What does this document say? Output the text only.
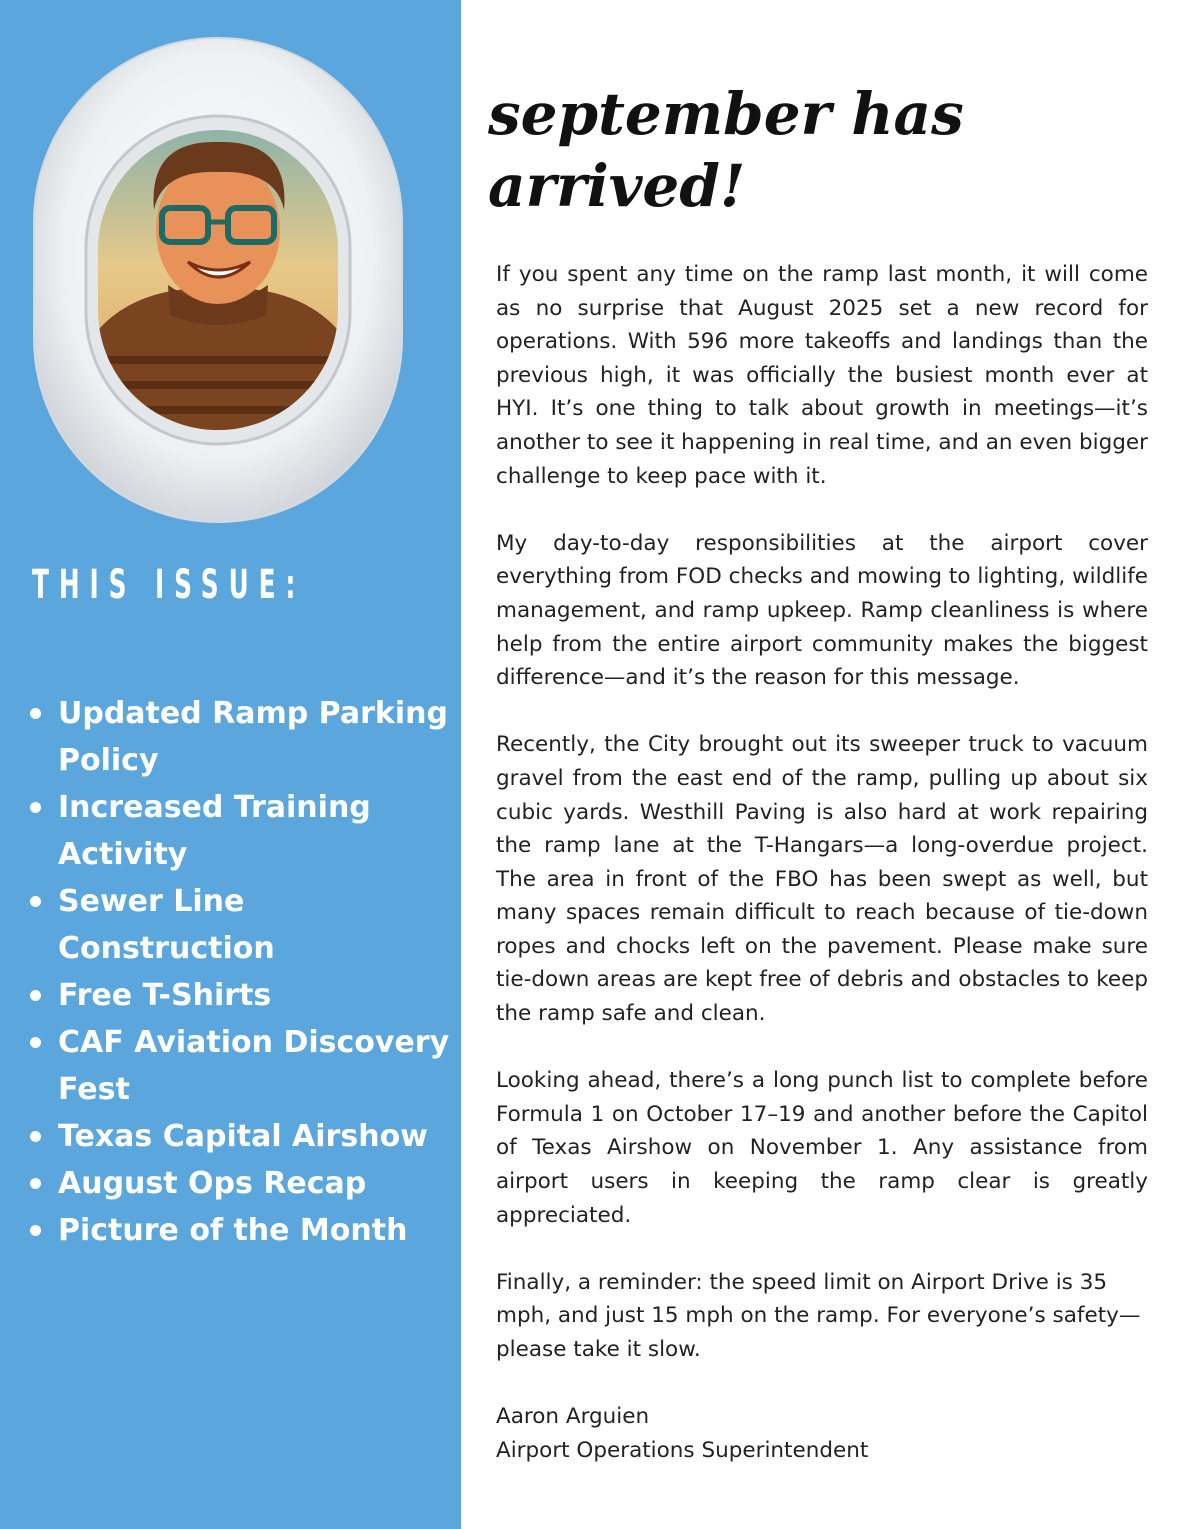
THIS ISSUE:
Updated Ramp Parking Policy
Increased Training Activity
Sewer Line Construction
Free T-Shirts
CAF Aviation Discovery Fest
Texas Capital Airshow
August Ops Recap
Picture of the Month
september has
arrived!

If you spent any time on the ramp last month, it will come as no surprise that August 2025 set a new record for operations. With 596 more takeoffs and landings than the previous high, it was officially the busiest month ever at HYI. It’s one thing to talk about growth in meetings—it’s another to see it happening in real time, and an even bigger challenge to keep pace with it.

My day-to-day responsibilities at the airport cover everything from FOD checks and mowing to lighting, wildlife management, and ramp upkeep. Ramp cleanliness is where help from the entire airport community makes the biggest difference—and it’s the reason for this message.

Recently, the City brought out its sweeper truck to vacuum gravel from the east end of the ramp, pulling up about six cubic yards. Westhill Paving is also hard at work repairing the ramp lane at the T-Hangars—a long-overdue project. The area in front of the FBO has been swept as well, but many spaces remain difficult to reach because of tie-down ropes and chocks left on the pavement. Please make sure tie-down areas are kept free of debris and obstacles to keep the ramp safe and clean.

Looking ahead, there’s a long punch list to complete before Formula 1 on October 17–19 and another before the Capitol of Texas Airshow on November 1. Any assistance from airport users in keeping the ramp clear is greatly appreciated.

Finally, a reminder: the speed limit on Airport Drive is 35 mph, and just 15 mph on the ramp. For everyone’s safety—please take it slow.

Aaron Arguien
Airport Operations Superintendent
